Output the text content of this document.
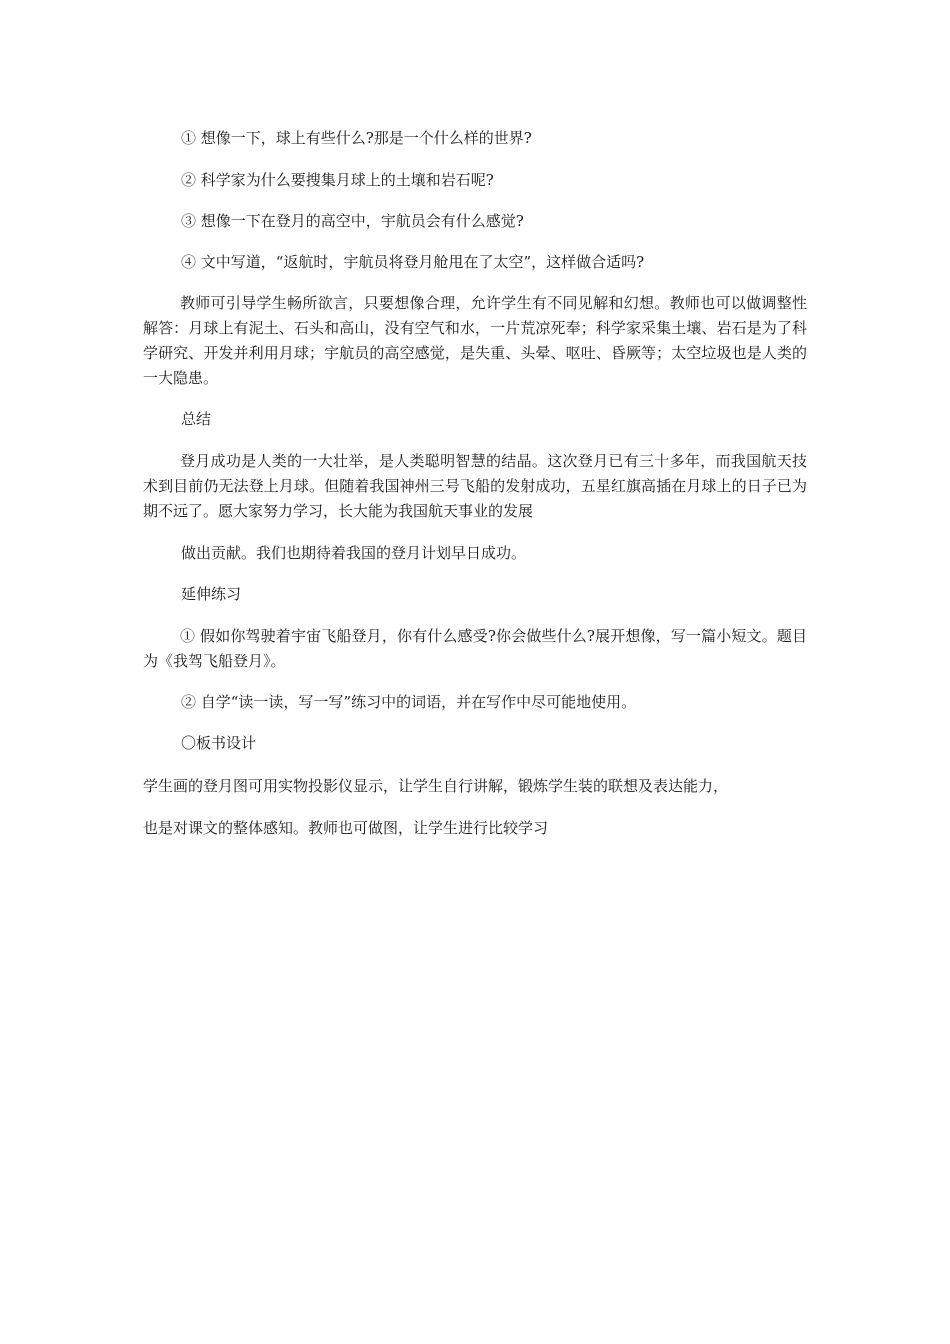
① 想像一下，球上有些什么?那是一个什么样的世界?
② 科学家为什么要搜集月球上的土壤和岩石呢?
③ 想像一下在登月的高空中，宇航员会有什么感觉?
④ 文中写道，“返航时，宇航员将登月舱甩在了太空”，这样做合适吗?

教师可引导学生畅所欲言，只要想像合理，允许学生有不同见解和幻想。教师也可以做调整性解答：月球上有泥土、石头和高山，没有空气和水，一片荒凉死奉；科学家采集土壤、岩石是为了科学研究、开发并利用月球；宇航员的高空感觉，是失重、头晕、呕吐、昏厥等；太空垃圾也是人类的一大隐患。

总结

登月成功是人类的一大壮举，是人类聪明智慧的结晶。这次登月已有三十多年，而我国航天技术到目前仍无法登上月球。但随着我国神州三号飞船的发射成功，五星红旗高插在月球上的日子已为期不远了。愿大家努力学习，长大能为我国航天事业的发展

做出贡献。我们也期待着我国的登月计划早日成功。
延伸练习

① 假如你驾驶着宇宙飞船登月，你有什么感受?你会做些什么?展开想像，写一篇小短文。题目为《我驾飞船登月》。

② 自学“读一读，写一写”练习中的词语，并在写作中尽可能地使用。
〇板书设计
学生画的登月图可用实物投影仪显示，让学生自行讲解，锻炼学生装的联想及表达能力，
也是对课文的整体感知。教师也可做图，让学生进行比较学习
